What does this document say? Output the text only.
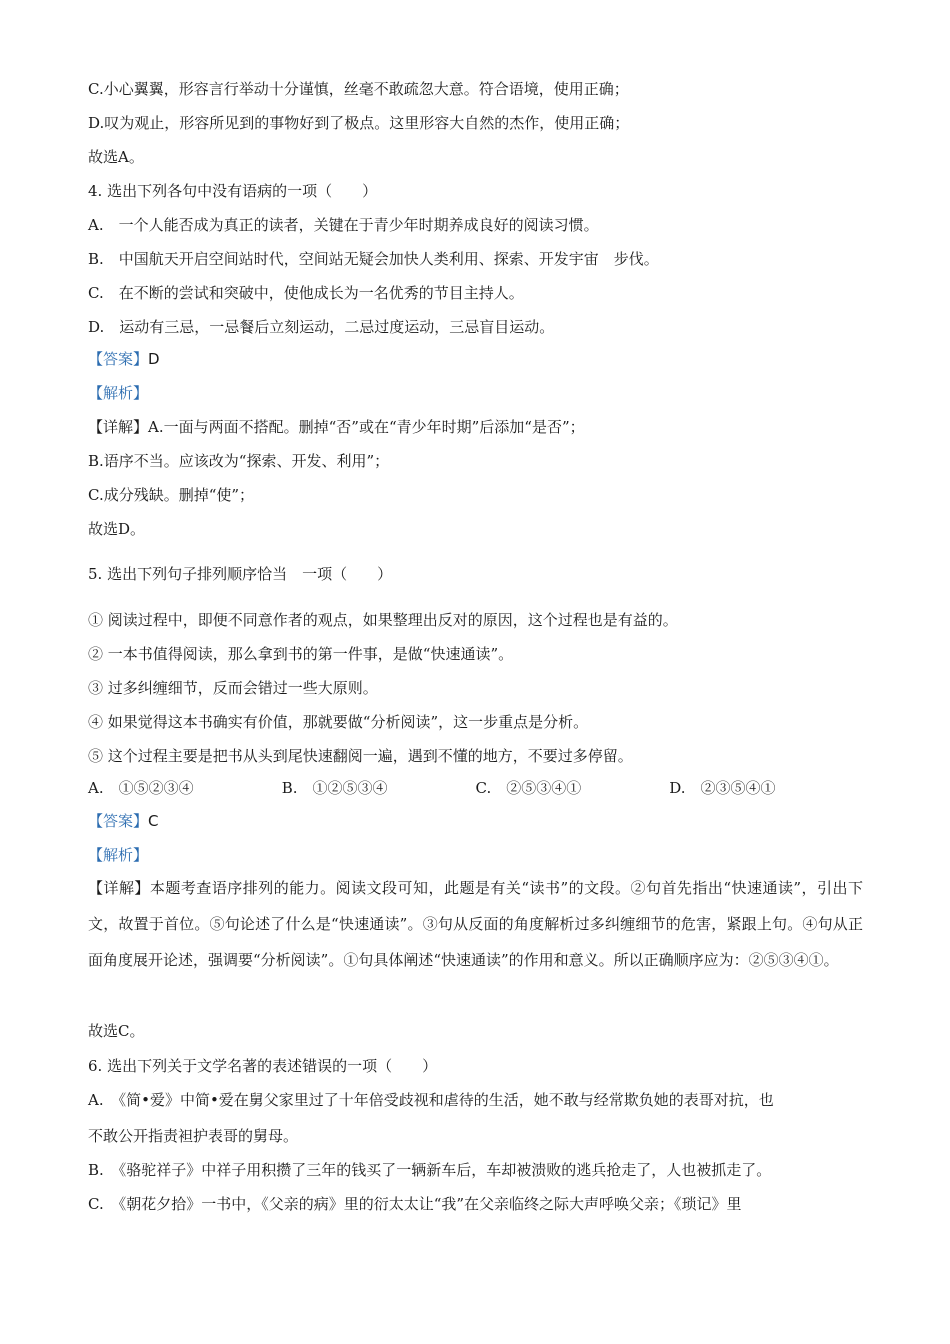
C.小心翼翼，形容言行举动十分谨慎，丝毫不敢疏忽大意。符合语境，使用正确；
D.叹为观止，形容所见到的事物好到了极点。这里形容大自然的杰作，使用正确；
故选A。
4. 选出下列各句中没有语病的一项（　　）
A.　一个人能否成为真正的读者，关键在于青少年时期养成良好的阅读习惯。
B.　中国航天开启空间站时代，空间站无疑会加快人类利用、探索、开发宇宙　步伐。
C.　在不断的尝试和突破中，使他成长为一名优秀的节目主持人。
D.　运动有三忌，一忌餐后立刻运动，二忌过度运动，三忌盲目运动。
【答案】D
【解析】
【详解】A.一面与两面不搭配。删掉“否”或在“青少年时期”后添加“是否”；
B.语序不当。应该改为“探索、开发、利用”；
C.成分残缺。删掉“使”；
故选D。
5. 选出下列句子排列顺序恰当　一项（　　）
① 阅读过程中，即便不同意作者的观点，如果整理出反对的原因，这个过程也是有益的。
② 一本书值得阅读，那么拿到书的第一件事，是做“快速通读”。
③ 过多纠缠细节，反而会错过一些大原则。
④ 如果觉得这本书确实有价值，那就要做“分析阅读”，这一步重点是分析。
⑤ 这个过程主要是把书从头到尾快速翻阅一遍，遇到不懂的地方，不要过多停留。
A.　①⑤②③④	B.　①②⑤③④	C.　②⑤③④①	D.　②③⑤④①
【答案】C
【解析】
【详解】本题考查语序排列的能力。阅读文段可知，此题是有关“读书”的文段。②句首先指出“快速通读”，引出下文，故置于首位。⑤句论述了什么是“快速通读”。③句从反面的角度解析过多纠缠细节的危害，紧跟上句。④句从正面角度展开论述，强调要“分析阅读”。①句具体阐述“快速通读”的作用和意义。所以正确顺序应为：②⑤③④①。
故选C。
6. 选出下列关于文学名著的表述错误的一项（　　）
A.　《简•爱》中简•爱在舅父家里过了十年倍受歧视和虐待的生活，她不敢与经常欺负她的表哥对抗，也
不敢公开指责袒护表哥的舅母。
B.　《骆驼祥子》中祥子用积攒了三年的钱买了一辆新车后，车却被溃败的逃兵抢走了，人也被抓走了。
C.　《朝花夕拾》一书中，《父亲的病》里的衍太太让“我”在父亲临终之际大声呼唤父亲；《琐记》里
